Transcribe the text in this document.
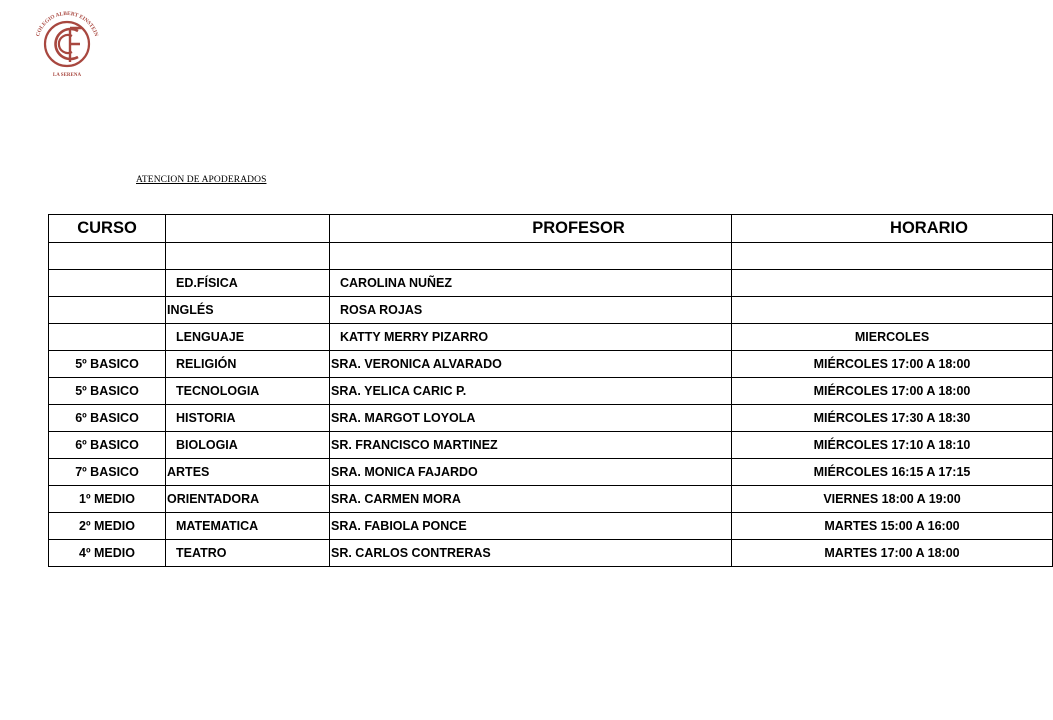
COLEGIO ALBERT EINSTEIN
LA SERENA
ATENCION DE APODERADOS
CURSO		PROFESOR	HORARIO

	ED.FÍSICA	CAROLINA NUÑEZ	
	INGLÉS	ROSA ROJAS	
	LENGUAJE	KATTY MERRY PIZARRO	MIERCOLES
5º BASICO	RELIGIÓN	SRA. VERONICA ALVARADO	MIÉRCOLES 17:00 A 18:00
5º BASICO	TECNOLOGIA	SRA. YELICA CARIC P.	MIÉRCOLES 17:00 A 18:00
6º BASICO	HISTORIA	SRA. MARGOT LOYOLA	MIÉRCOLES 17:30 A 18:30
6º BASICO	BIOLOGIA	SR. FRANCISCO MARTINEZ	MIÉRCOLES 17:10 A 18:10
7º BASICO	ARTES	SRA. MONICA FAJARDO	MIÉRCOLES 16:15 A 17:15
1º MEDIO	ORIENTADORA	SRA. CARMEN MORA	VIERNES 18:00 A 19:00
2º MEDIO	MATEMATICA	SRA. FABIOLA PONCE	MARTES 15:00 A 16:00
4º MEDIO	TEATRO	SR. CARLOS CONTRERAS	MARTES 17:00 A 18:00
